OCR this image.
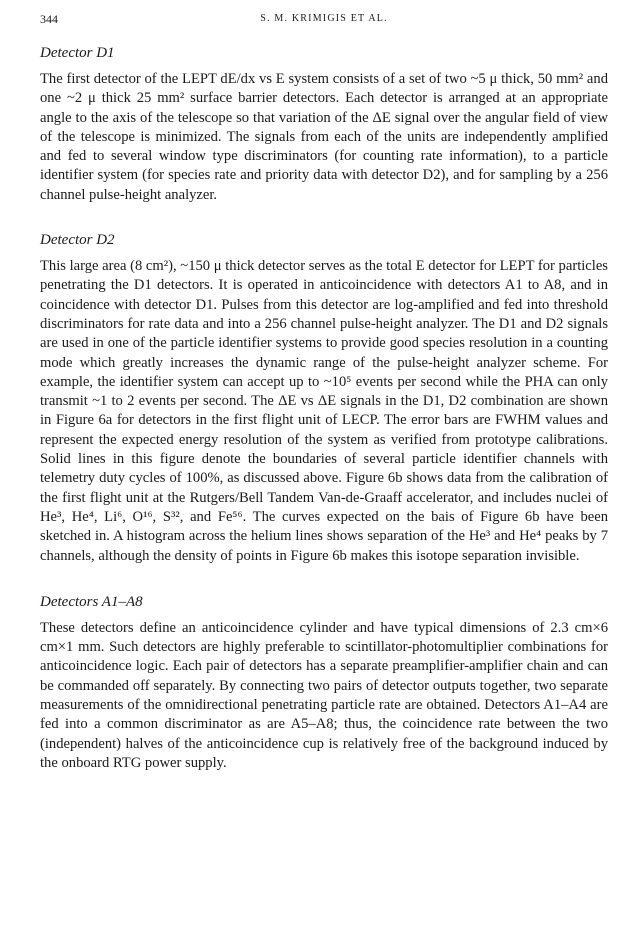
344	S. M. KRIMIGIS ET AL.
Detector D1

The first detector of the LEPT dE/dx vs E system consists of a set of two ~5 μ thick, 50 mm² and one ~2 μ thick 25 mm² surface barrier detectors. Each detector is arranged at an appropriate angle to the axis of the telescope so that variation of the ΔE signal over the angular field of view of the telescope is minimized. The signals from each of the units are independently amplified and fed to several window type discriminators (for counting rate information), to a particle identifier system (for species rate and priority data with detector D2), and for sampling by a 256 channel pulse-height analyzer.

Detector D2

This large area (8 cm²), ~150 μ thick detector serves as the total E detector for LEPT for particles penetrating the D1 detectors. It is operated in anticoincidence with detectors A1 to A8, and in coincidence with detector D1. Pulses from this detector are log-amplified and fed into threshold discriminators for rate data and into a 256 channel pulse-height analyzer. The D1 and D2 signals are used in one of the particle identifier systems to provide good species resolution in a counting mode which greatly increases the dynamic range of the pulse-height analyzer scheme. For example, the identifier system can accept up to ~10⁵ events per second while the PHA can only transmit ~1 to 2 events per second. The ΔE vs ΔE signals in the D1, D2 combination are shown in Figure 6a for detectors in the first flight unit of LECP. The error bars are FWHM values and represent the expected energy resolution of the system as verified from prototype calibrations. Solid lines in this figure denote the boundaries of several particle identifier channels with telemetry duty cycles of 100%, as discussed above. Figure 6b shows data from the calibration of the first flight unit at the Rutgers/Bell Tandem Van-de-Graaff accelerator, and includes nuclei of He³, He⁴, Li⁶, O¹⁶, S³², and Fe⁵⁶. The curves expected on the bais of Figure 6b have been sketched in. A histogram across the helium lines shows separation of the He³ and He⁴ peaks by 7 channels, although the density of points in Figure 6b makes this isotope separation invisible.

Detectors A1–A8

These detectors define an anticoincidence cylinder and have typical dimensions of 2.3 cm×6 cm×1 mm. Such detectors are highly preferable to scintillator-photomultiplier combinations for anticoincidence logic. Each pair of detectors has a separate preamplifier-amplifier chain and can be commanded off separately. By connecting two pairs of detector outputs together, two separate measurements of the omnidirectional penetrating particle rate are obtained. Detectors A1–A4 are fed into a common discriminator as are A5–A8; thus, the coincidence rate between the two (independent) halves of the anticoincidence cup is relatively free of the background induced by the onboard RTG power supply.
